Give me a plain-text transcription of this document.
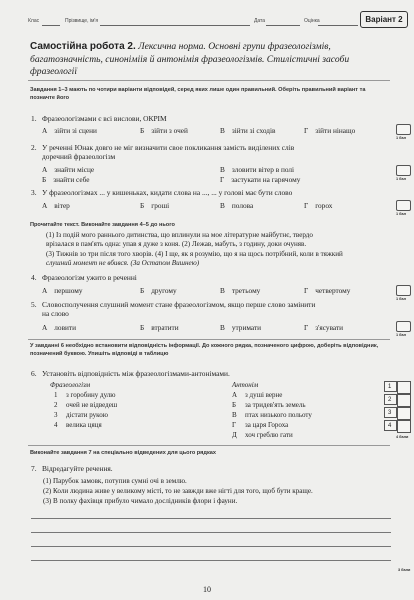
Клас	Прізвище, ім'я	Дата	Оцінка	Варіант 2
Самостійна робота 2. Лексична норма. Основні групи фразеологізмів, багатозначність, синоніміія й антонімія фразеологізмів. Стилістичні засоби фразеології
Завдання 1–3 мають по чотири варіанти відповідей, серед яких лише один правильний. Оберіть правильний варіант та позначте його
1. Фразеологізмами є всі вислови, ОКРІМ
А зійти зі сцени	Б зійти з очей	В зійти зі сходів	Г зійти нінащо
1 бал
2. У реченні Юнак довго не міг визначити свое покликання замість виділених слів
доречний фразеологізм
А знайти місце
Б знайти себе
В зловити вітер в полі
Г застукати на гарячому	1 бал
3. У фразеологізмах ... у кишеньках, кидати слова на ..., ... у голові має бути слово
А вітер	Б гроші	В полова	Г горох
1 бал
Прочитайте текст. Виконайте завдання 4–5 до нього
(1) Із подій мого раннього дитинства, що вплинули на мое літературне майбутнє, твердо
врізалася в пам'ять одна: упав я дуже з коня. (2) Лежав, мабуть, з годину, доки очуняв.
(3) Тижнів зо три після того хворів. (4) І ще, як я розумію, що я на щось потрібний, коли в тяжкий
слушний момент не вбився. (За Остапом Вишнею)
4. Фразеологізм ужито в реченні
А першому	Б другому	В третьому	Г четвертому
1 бал
5. Словосполучення слушний момент стане фразеологізмом, якщо перше слово замінити
на слово
А ловити	Б втратити	В утримати	Г з'ясувати
1 бал
У завданні 6 необхідно встановити відповідність інформації. До кожного рядка, позначеного цифрою, доберіть відповідник, позначений буквою. Упишіть відповіді в таблицю
6. Установіть відповідність між фразеологізмами-антонімами.
Фразеологізм	Антонім
1 з горобину дулю
2 очей не відведеш
3 дістати рукою
4 велика цяця
А з душі верне
Б за тридев'ять земель
В птах низького польоту
Г за царя Гороха
Д хоч греблю гати
1
2
3
4
4 бали
Виконайте завдання 7 на спеціально відведених для цього рядках
7. Відредагуйте речення.
(1) Парубок замовк, потупив сумні очі в землю.
(2) Коли людина живе у великому місті, то не завжди вже нігті для того, щоб бути краще.
(3) В полку фахівця прибуло чимало дослідників флори і фауни.
3 бали
10
